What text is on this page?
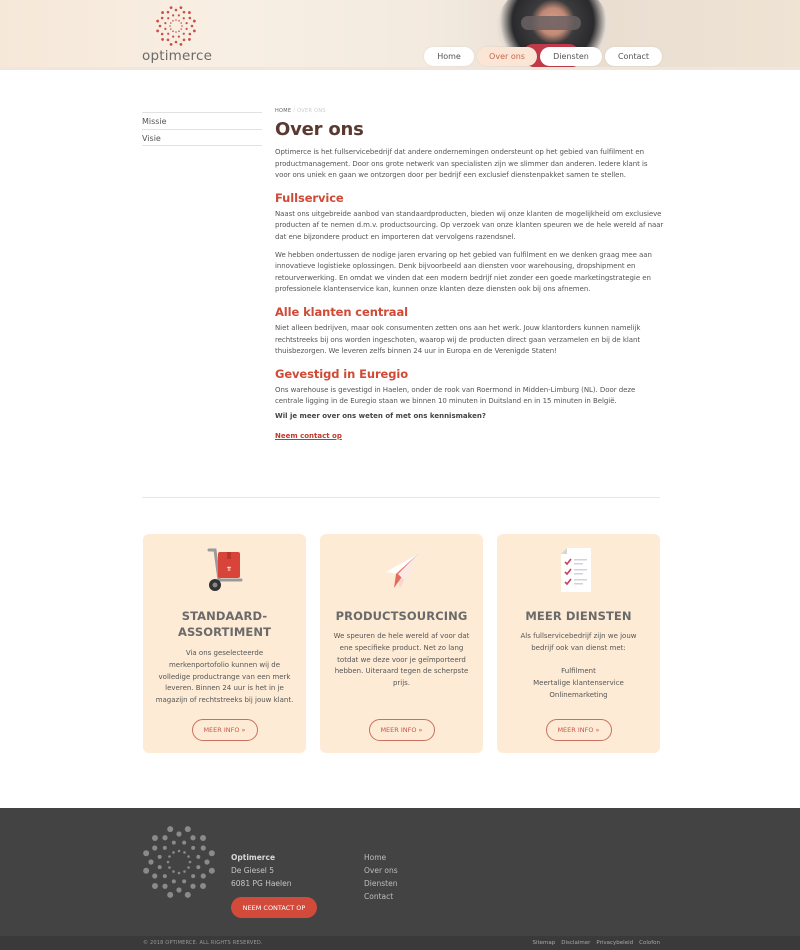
optimerce	Home	Over ons	Diensten	Contact
Missie
Visie
HOME / OVER ONS
Over ons

Optimerce is het fullservicebedrijf dat andere ondernemingen ondersteunt op het gebied van fulfilment en productmanagement. Door ons grote netwerk van specialisten zijn we slimmer dan anderen. Iedere klant is voor ons uniek en gaan we ontzorgen door per bedrijf een exclusief dienstenpakket samen te stellen.

Fullservice

Naast ons uitgebreide aanbod van standaardproducten, bieden wij onze klanten de mogelijkheid om exclusieve producten af te nemen d.m.v. productsourcing. Op verzoek van onze klanten speuren we de hele wereld af naar dat ene bijzondere product en importeren dat vervolgens razendsnel.

We hebben ondertussen de nodige jaren ervaring op het gebied van fulfilment en we denken graag mee aan innovatieve logistieke oplossingen. Denk bijvoorbeeld aan diensten voor warehousing, dropshipment en retourverwerking. En omdat we vinden dat een modern bedrijf niet zonder een goede marketingstrategie en professionele klantenservice kan, kunnen onze klanten deze diensten ook bij ons afnemen.

Alle klanten centraal

Niet alleen bedrijven, maar ook consumenten zetten ons aan het werk. Jouw klantorders kunnen namelijk rechtstreeks bij ons worden ingeschoten, waarop wij de producten direct gaan verzamelen en bij de klant thuisbezorgen. We leveren zelfs binnen 24 uur in Europa en de Verenigde Staten!

Gevestigd in Euregio

Ons warehouse is gevestigd in Haelen, onder de rook van Roermond in Midden-Limburg (NL). Door deze centrale ligging in de Euregio staan we binnen 10 minuten in Duitsland en in 15 minuten in België.

Wil je meer over ons weten of met ons kennismaken?

Neem contact op
⇈
STANDAARD-
ASSORTIMENT

Via ons geselecteerde merkenportofolio kunnen wij de volledige productrange van een merk leveren. Binnen 24 uur is het in je magazijn of rechtstreeks bij jouw klant.

MEER INFO »
PRODUCTSOURCING

We speuren de hele wereld af voor dat ene specifieke product. Net zo lang totdat we deze voor je geïmporteerd hebben. Uiteraard tegen de scherpste prijs.

MEER INFO »
MEER DIENSTEN

Als fullservicebedrijf zijn we jouw bedrijf ook van dienst met:

Fulfilment
Meertalige klantenservice
Onlinemarketing
MEER INFO »
Optimerce
De Giesel 5
6081 PG Haelen
NEEM CONTACT OP
Home
Over ons
Diensten
Contact
© 2018 OPTIMERCE. ALL RIGHTS RESERVED.	Sitemap Disclaimer Privacybeleid Colofon
